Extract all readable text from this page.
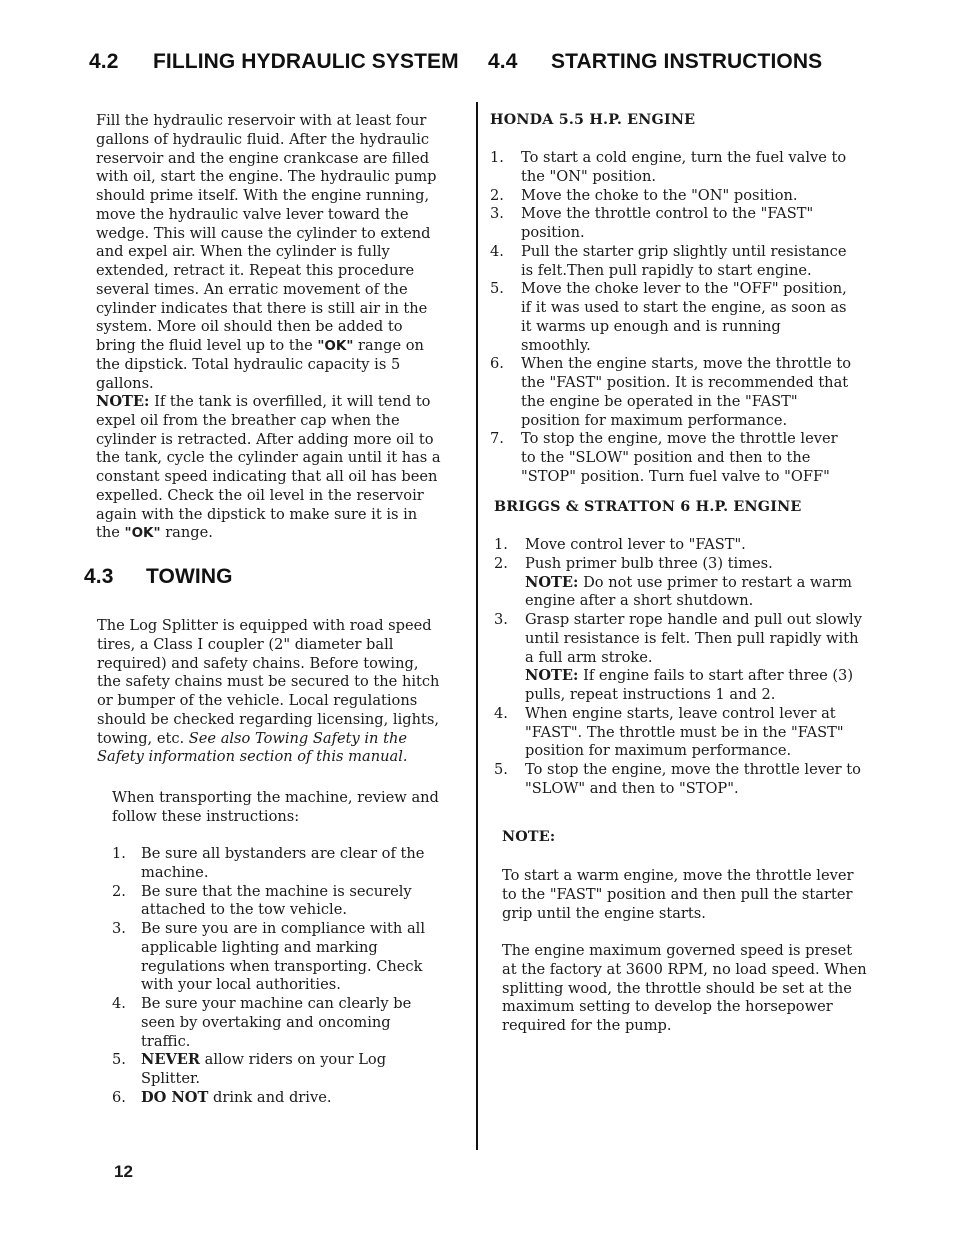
4.2 FILLING HYDRAULIC SYSTEM 4.4 STARTING INSTRUCTIONS

Fill the hydraulic reservoir with at least four gallons of hydraulic fluid. After the hydraulic reservoir and the engine crankcase are filled with oil, start the engine. The hydraulic pump should prime itself. With the engine running, move the hydraulic valve lever toward the wedge. This will cause the cylinder to extend and expel air. When the cylinder is fully extended, retract it. Repeat this procedure several times. An erratic movement of the cylinder indicates that there is still air in the system. More oil should then be added to bring the fluid level up to the "OK" range on the dipstick. Total hydraulic capacity is 5 gallons.

NOTE: If the tank is overfilled, it will tend to expel oil from the breather cap when the cylinder is retracted. After adding more oil to the tank, cycle the cylinder again until it has a constant speed indicating that all oil has been expelled. Check the oil level in the reservoir again with the dipstick to make sure it is in the "OK" range.

4.3 TOWING

The Log Splitter is equipped with road speed tires, a Class I coupler (2" diameter ball required) and safety chains. Before towing, the safety chains must be secured to the hitch or bumper of the vehicle. Local regulations should be checked regarding licensing, lights, towing, etc. See also Towing Safety in the Safety information section of this manual.

When transporting the machine, review and follow these instructions:

1. Be sure all bystanders are clear of the machine.
2. Be sure that the machine is securely attached to the tow vehicle.
3. Be sure you are in compliance with all applicable lighting and marking regulations when transporting. Check with your local authorities.
4. Be sure your machine can clearly be seen by overtaking and oncoming traffic.
5. NEVER allow riders on your Log Splitter.
6. DO NOT drink and drive.

HONDA 5.5 H.P. ENGINE

1. To start a cold engine, turn the fuel valve to the "ON" position.
2. Move the choke to the "ON" position.
3. Move the throttle control to the "FAST" position.
4. Pull the starter grip slightly until resistance is felt.Then pull rapidly to start engine.
5. Move the choke lever to the "OFF" position, if it was used to start the engine, as soon as it warms up enough and is running smoothly.
6. When the engine starts, move the throttle to the "FAST" position. It is recommended that the engine be operated in the "FAST" position for maximum performance.
7. To stop the engine, move the throttle lever to the "SLOW" position and then to the "STOP" position. Turn fuel valve to "OFF"

BRIGGS & STRATTON 6 H.P. ENGINE

1. Move control lever to "FAST".
2. Push primer bulb three (3) times.
NOTE: Do not use primer to restart a warm engine after a short shutdown.
3. Grasp starter rope handle and pull out slowly until resistance is felt. Then pull rapidly with a full arm stroke.
NOTE: If engine fails to start after three (3) pulls, repeat instructions 1 and 2.
4. When engine starts, leave control lever at "FAST". The throttle must be in the "FAST" position for maximum performance.
5. To stop the engine, move the throttle lever to "SLOW" and then to "STOP".

NOTE:

To start a warm engine, move the throttle lever to the "FAST" position and then pull the starter grip until the engine starts.

The engine maximum governed speed is preset at the factory at 3600 RPM, no load speed. When splitting wood, the throttle should be set at the maximum setting to develop the horsepower required for the pump.

12
